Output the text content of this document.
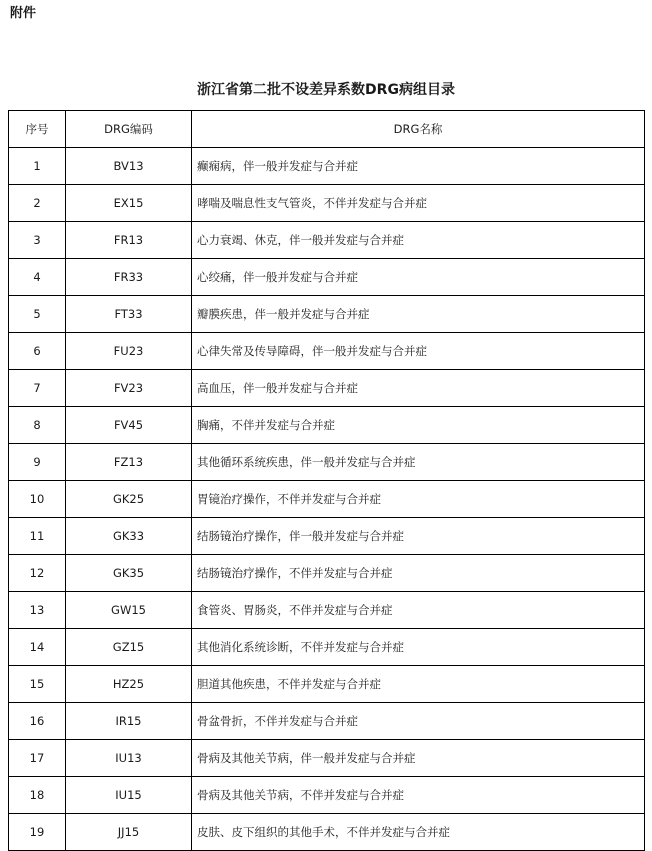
附件
浙江省第二批不设差异系数DRG病组目录
序号	DRG编码	DRG名称
1	BV13	癫痫病，伴一般并发症与合并症
2	EX15	哮喘及喘息性支气管炎，不伴并发症与合并症
3	FR13	心力衰竭、休克，伴一般并发症与合并症
4	FR33	心绞痛，伴一般并发症与合并症
5	FT33	瓣膜疾患，伴一般并发症与合并症
6	FU23	心律失常及传导障碍，伴一般并发症与合并症
7	FV23	高血压，伴一般并发症与合并症
8	FV45	胸痛，不伴并发症与合并症
9	FZ13	其他循环系统疾患，伴一般并发症与合并症
10	GK25	胃镜治疗操作，不伴并发症与合并症
11	GK33	结肠镜治疗操作，伴一般并发症与合并症
12	GK35	结肠镜治疗操作，不伴并发症与合并症
13	GW15	食管炎、胃肠炎，不伴并发症与合并症
14	GZ15	其他消化系统诊断，不伴并发症与合并症
15	HZ25	胆道其他疾患，不伴并发症与合并症
16	IR15	骨盆骨折，不伴并发症与合并症
17	IU13	骨病及其他关节病，伴一般并发症与合并症
18	IU15	骨病及其他关节病，不伴并发症与合并症
19	JJ15	皮肤、皮下组织的其他手术，不伴并发症与合并症
